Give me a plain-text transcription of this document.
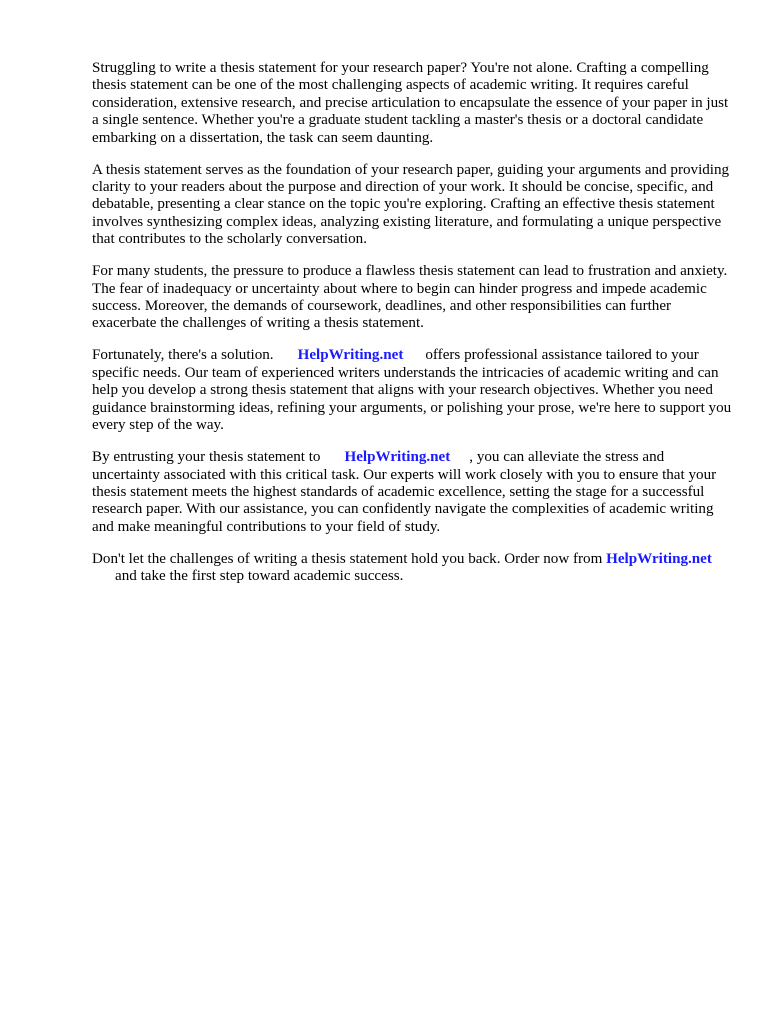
Struggling to write a thesis statement for your research paper? You're not alone. Crafting a compelling thesis statement can be one of the most challenging aspects of academic writing. It requires careful consideration, extensive research, and precise articulation to encapsulate the essence of your paper in just a single sentence. Whether you're a graduate student tackling a master's thesis or a doctoral candidate embarking on a dissertation, the task can seem daunting.

A thesis statement serves as the foundation of your research paper, guiding your arguments and providing clarity to your readers about the purpose and direction of your work. It should be concise, specific, and debatable, presenting a clear stance on the topic you're exploring. Crafting an effective thesis statement involves synthesizing complex ideas, analyzing existing literature, and formulating a unique perspective that contributes to the scholarly conversation.

For many students, the pressure to produce a flawless thesis statement can lead to frustration and anxiety. The fear of inadequacy or uncertainty about where to begin can hinder progress and impede academic success. Moreover, the demands of coursework, deadlines, and other responsibilities can further exacerbate the challenges of writing a thesis statement.

Fortunately, there's a solution. HelpWriting.net offers professional assistance tailored to your specific needs. Our team of experienced writers understands the intricacies of academic writing and can help you develop a strong thesis statement that aligns with your research objectives. Whether you need guidance brainstorming ideas, refining your arguments, or polishing your prose, we're here to support you every step of the way.

By entrusting your thesis statement to HelpWriting.net , you can alleviate the stress and uncertainty associated with this critical task. Our experts will work closely with you to ensure that your thesis statement meets the highest standards of academic excellence, setting the stage for a successful research paper. With our assistance, you can confidently navigate the complexities of academic writing and make meaningful contributions to your field of study.

Don't let the challenges of writing a thesis statement hold you back. Order now from HelpWriting.netand take the first step toward academic success.
